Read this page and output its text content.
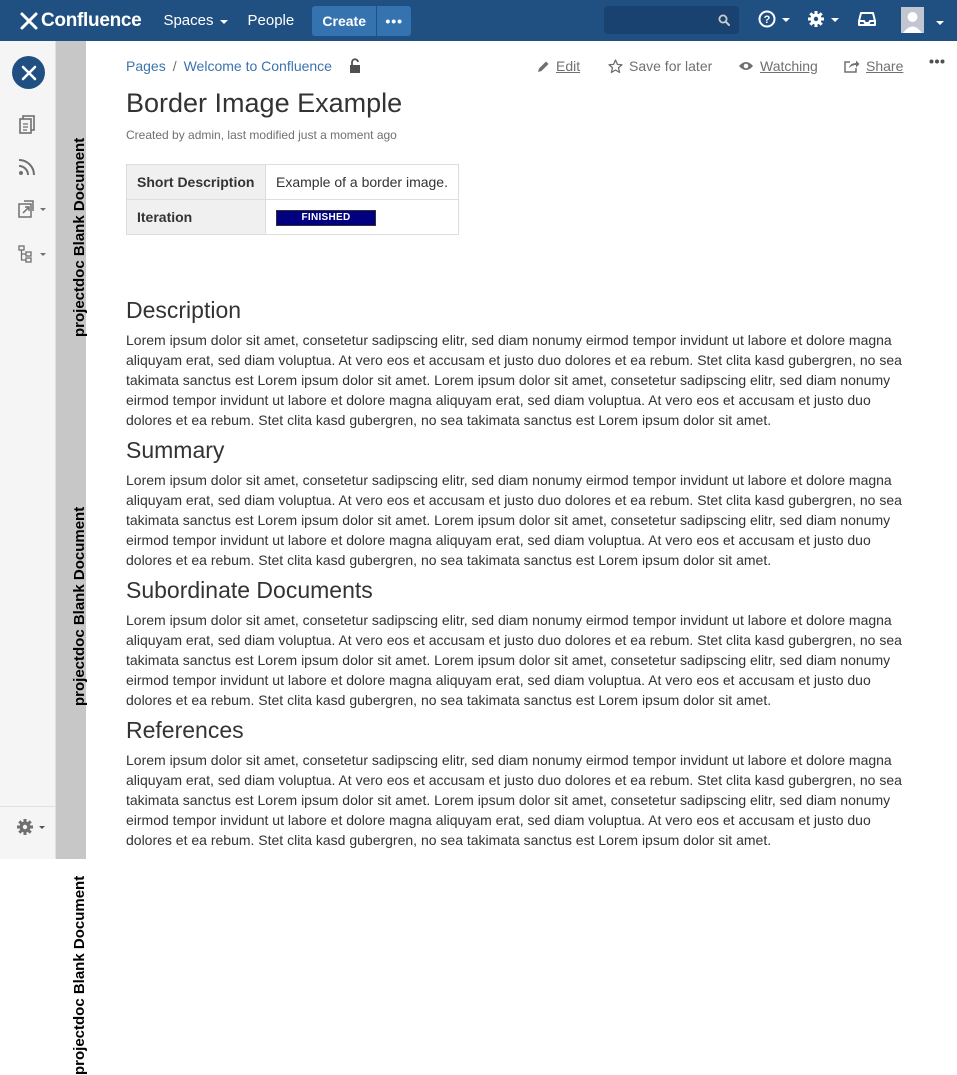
Confluence Spaces People	Create	•••	?
projectdoc Blank Document
projectdoc Blank Document
projectdoc Blank Document
Pages / Welcome to Confluence	Edit	Save for later	Watching	Share
Border Image Example
Created by admin, last modified just a moment ago
Short Description	Example of a border image.
Iteration	FINISHED
Description

Lorem ipsum dolor sit amet, consetetur sadipscing elitr, sed diam nonumy eirmod tempor invidunt ut labore et dolore magna aliquyam erat, sed diam voluptua. At vero eos et accusam et justo duo dolores et ea rebum. Stet clita kasd gubergren, no sea takimata sanctus est Lorem ipsum dolor sit amet. Lorem ipsum dolor sit amet, consetetur sadipscing elitr, sed diam nonumy eirmod tempor invidunt ut labore et dolore magna aliquyam erat, sed diam voluptua. At vero eos et accusam et justo duo dolores et ea rebum. Stet clita kasd gubergren, no sea takimata sanctus est Lorem ipsum dolor sit amet.

Summary

Lorem ipsum dolor sit amet, consetetur sadipscing elitr, sed diam nonumy eirmod tempor invidunt ut labore et dolore magna aliquyam erat, sed diam voluptua. At vero eos et accusam et justo duo dolores et ea rebum. Stet clita kasd gubergren, no sea takimata sanctus est Lorem ipsum dolor sit amet. Lorem ipsum dolor sit amet, consetetur sadipscing elitr, sed diam nonumy eirmod tempor invidunt ut labore et dolore magna aliquyam erat, sed diam voluptua. At vero eos et accusam et justo duo dolores et ea rebum. Stet clita kasd gubergren, no sea takimata sanctus est Lorem ipsum dolor sit amet.

Subordinate Documents

Lorem ipsum dolor sit amet, consetetur sadipscing elitr, sed diam nonumy eirmod tempor invidunt ut labore et dolore magna aliquyam erat, sed diam voluptua. At vero eos et accusam et justo duo dolores et ea rebum. Stet clita kasd gubergren, no sea takimata sanctus est Lorem ipsum dolor sit amet. Lorem ipsum dolor sit amet, consetetur sadipscing elitr, sed diam nonumy eirmod tempor invidunt ut labore et dolore magna aliquyam erat, sed diam voluptua. At vero eos et accusam et justo duo dolores et ea rebum. Stet clita kasd gubergren, no sea takimata sanctus est Lorem ipsum dolor sit amet.

References

Lorem ipsum dolor sit amet, consetetur sadipscing elitr, sed diam nonumy eirmod tempor invidunt ut labore et dolore magna aliquyam erat, sed diam voluptua. At vero eos et accusam et justo duo dolores et ea rebum. Stet clita kasd gubergren, no sea takimata sanctus est Lorem ipsum dolor sit amet. Lorem ipsum dolor sit amet, consetetur sadipscing elitr, sed diam nonumy eirmod tempor invidunt ut labore et dolore magna aliquyam erat, sed diam voluptua. At vero eos et accusam et justo duo dolores et ea rebum. Stet clita kasd gubergren, no sea takimata sanctus est Lorem ipsum dolor sit amet.
